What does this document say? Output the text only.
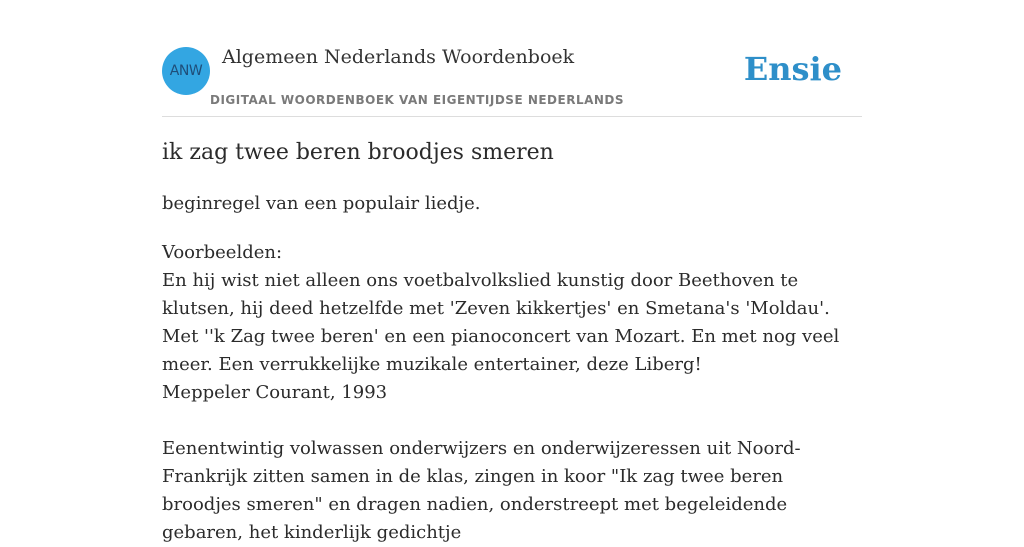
ANW
Algemeen Nederlands Woordenboek
DIGITAAL WOORDENBOEK VAN EIGENTIJDSE NEDERLANDS
Ensie
ik zag twee beren broodjes smeren

beginregel van een populair liedje.

Voorbeelden:

En hij wist niet alleen ons voetbalvolkslied kunstig door Beethoven te klutsen, hij deed hetzelfde met 'Zeven kikkertjes' en Smetana's 'Moldau'. Met ''k Zag twee beren' en een pianoconcert van Mozart. En met nog veel meer. Een verrukkelijke muzikale entertainer, deze Liberg!

Meppeler Courant, 1993

Eenentwintig volwassen onderwijzers en onderwijzeressen uit Noord-Frankrijk zitten samen in de klas, zingen in koor "Ik zag twee beren broodjes smeren" en dragen nadien, onderstreept met begeleidende gebaren, het kinderlijk gedichtje
